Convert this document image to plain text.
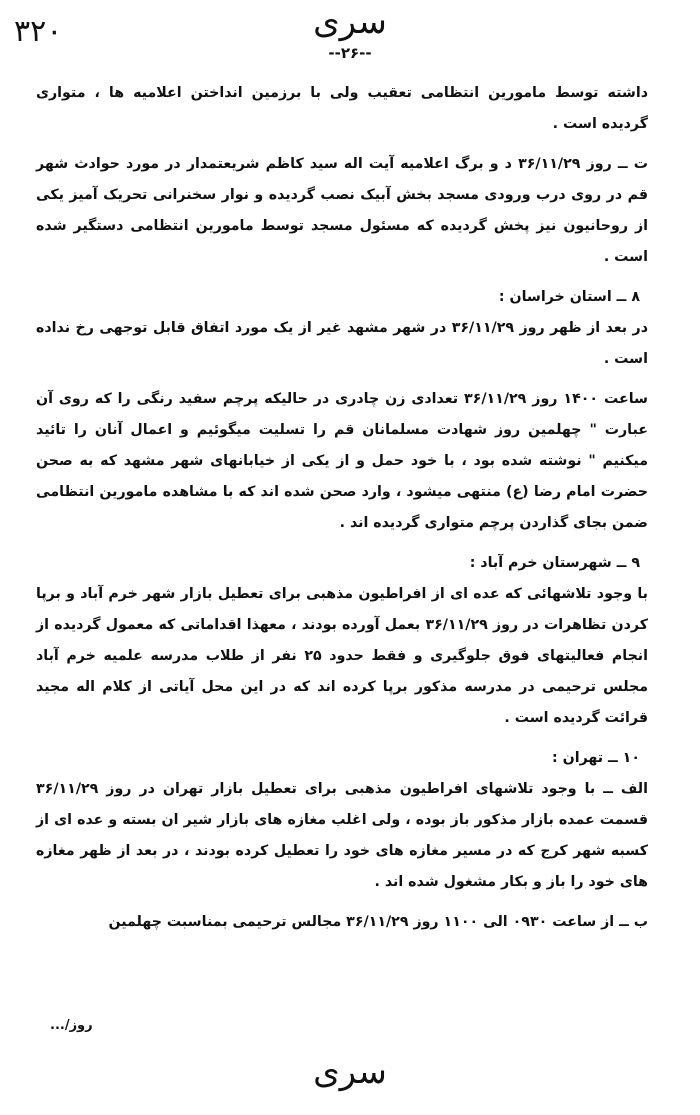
۳۲۰	سری
--۲۶--

داشته توسط مامورین انتظامی تعقیب ولی با برزمین انداختن اعلامیه ها ، متواری گردیده است .

ت ــ روز ۳۶/۱۱/۲۹ د و برگ اعلامیه آیت اله سید کاظم شریعتمدار در مورد حوادث شهر قم در روی درب ورودی مسجد بخش آبیک نصب گردیده و نوار سخنرانی تحریک آمیز یکی از روحانیون نیز پخش گردیده که مسئول مسجد توسط مامورین انتظامی دستگیر شده است .

۸ ــ استان خراسان :

در بعد از ظهر روز ۳۶/۱۱/۲۹ در شهر مشهد غیر از یک مورد اتفاق قابل توجهی رخ نداده است .

ساعت ۱۴۰۰ روز ۳۶/۱۱/۲۹ تعدادی زن چادری در حالیکه پرچم سفید رنگی را که روی آن عبارت " چهلمین روز شهادت مسلمانان قم را تسلیت میگوئیم و اعمال آنان را تائید میکنیم " نوشته شده بود ، با خود حمل و از یکی از خیابانهای شهر مشهد که به صحن حضرت امام رضا (ع) منتهی میشود ، وارد صحن شده اند که با مشاهده مامورین انتظامی ضمن بجای گذاردن پرچم متواری گردیده اند .

۹ ــ شهرستان خرم آباد :

با وجود تلاشهائی که عده ای از افراطیون مذهبی برای تعطیل بازار شهر خرم آباد و برپا کردن تظاهرات در روز ۳۶/۱۱/۲۹ بعمل آورده بودند ، معهذا اقداماتی که معمول گردیده از انجام فعالیتهای فوق جلوگیری و فقط حدود ۲۵ نفر از طلاب مدرسه علمیه خرم آباد مجلس ترحیمی در مدرسه مذکور برپا کرده اند که در این محل آیاتی از کلام اله مجید قرائت گردیده است .

۱۰ ــ تهران :

الف ــ با وجود تلاشهای افراطیون مذهبی برای تعطیل بازار تهران در روز ۳۶/۱۱/۲۹ قسمت عمده بازار مذکور باز بوده ، ولی اغلب مغازه های بازار شیر ان بسته و عده ای از کسبه شهر کرج که در مسیر مغازه های خود را تعطیل کرده بودند ، در بعد از ظهر مغازه های خود را باز و بکار مشغول شده اند .

ب ــ از ساعت ۰۹۳۰ الی ۱۱۰۰ روز ۳۶/۱۱/۲۹ مجالس ترحیمی بمناسبت چهلمین

روز/...
سری
